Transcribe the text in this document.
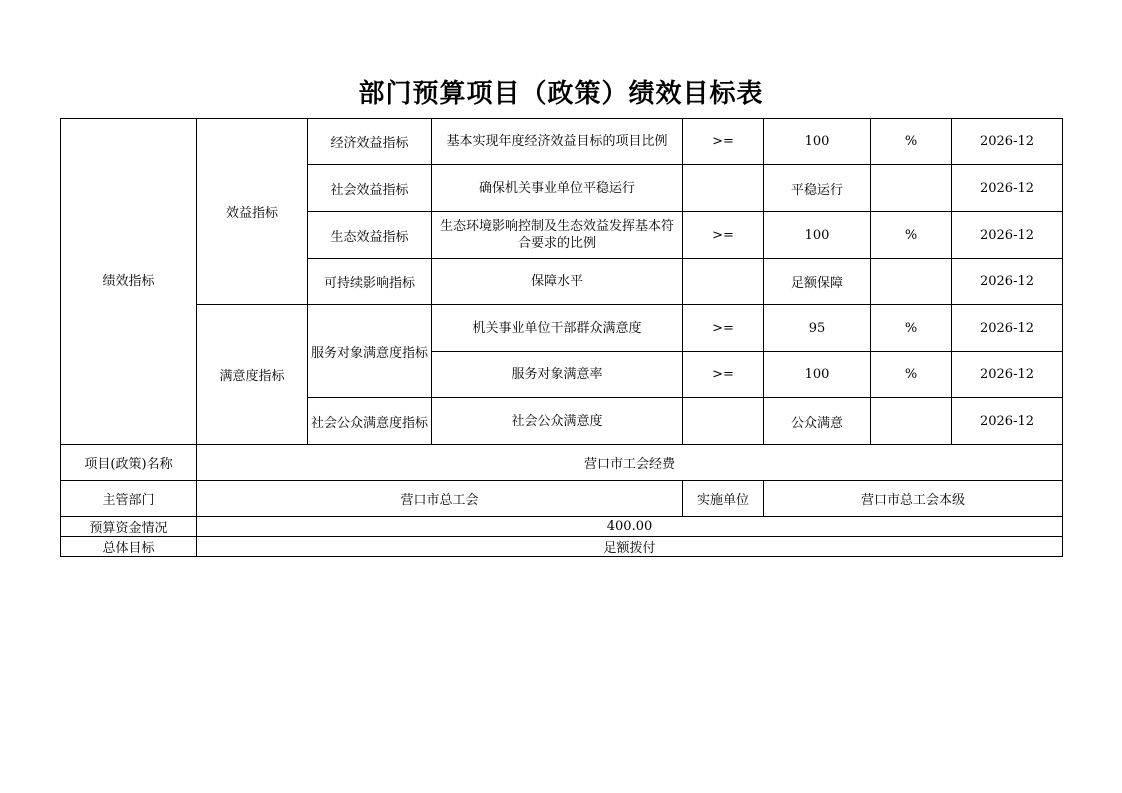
部门预算项目（政策）绩效目标表
绩效指标	效益指标	经济效益指标	基本实现年度经济效益目标的项目比例	>=	100	%	2026-12
		社会效益指标	确保机关事业单位平稳运行		平稳运行		2026-12
		生态效益指标	生态环境影响控制及生态效益发挥基本符合要求的比例	>=	100	%	2026-12
		可持续影响指标	保障水平		足额保障		2026-12
	满意度指标	服务对象满意度指标	机关事业单位干部群众满意度	>=	95	%	2026-12
			服务对象满意率	>=	100	%	2026-12
		社会公众满意度指标	社会公众满意度		公众满意		2026-12
项目(政策)名称	营口市工会经费						
主管部门	营口市总工会			实施单位	营口市总工会本级		
预算资金情况	400.00						
总体目标	足额拨付						
